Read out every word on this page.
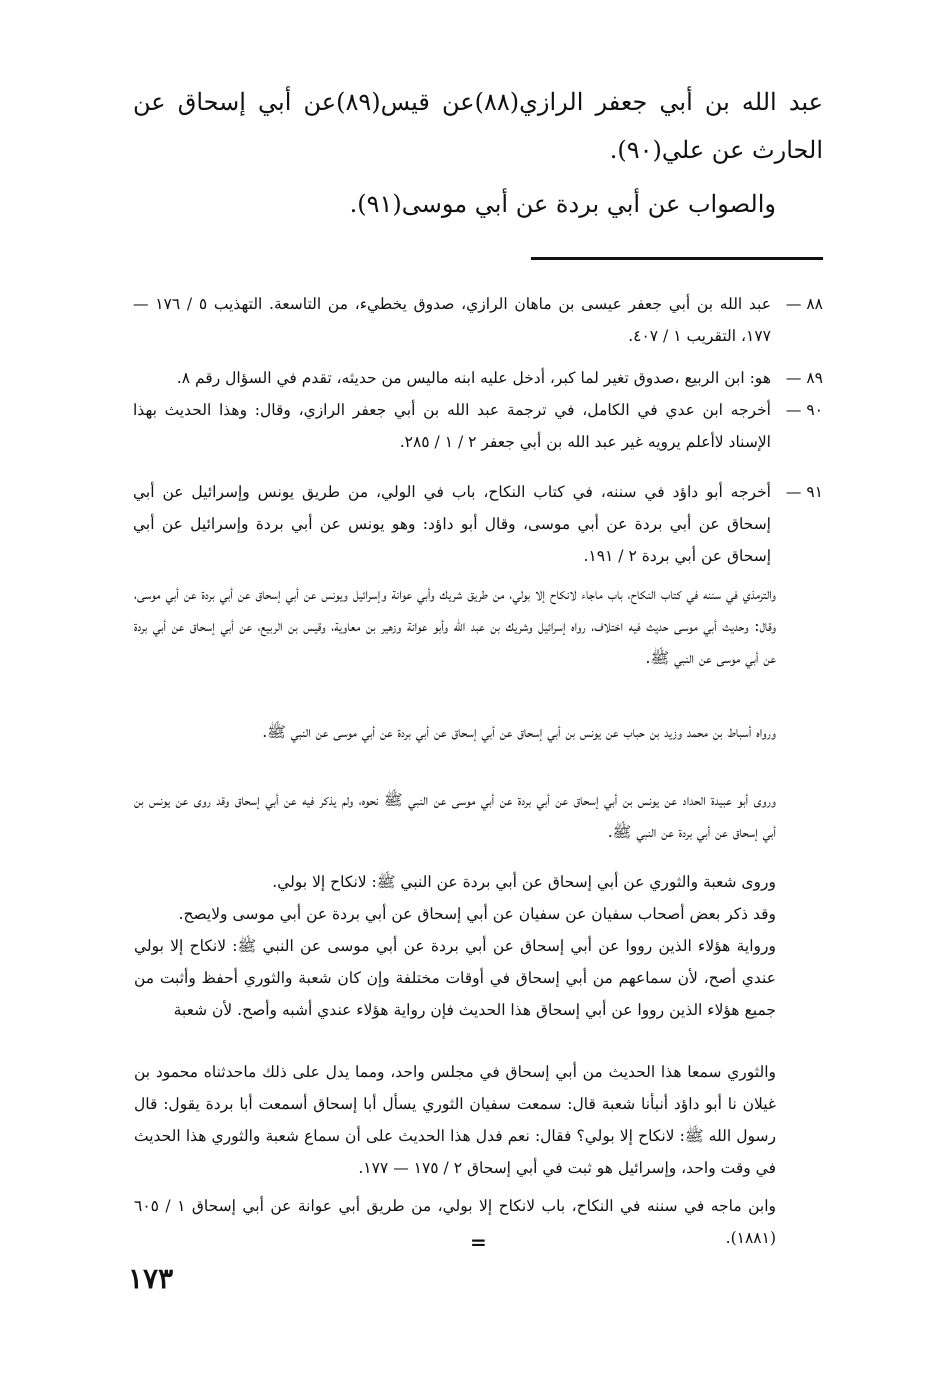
عبد الله بن أبي جعفر الرازي(٨٨)عن قيس(٨٩)عن أبي إسحاق عن الحارث عن علي(٩٠).

والصواب عن أبي بردة عن أبي موسى(٩١).

٨٨ —
عبد الله بن أبي جعفر عيسى بن ماهان الرازي، صدوق يخطيء، من التاسعة. التهذيب ٥ / ١٧٦ — ١٧٧، التقريب ١ / ٤٠٧.
٨٩ —
هو: ابن الربيع ،صدوق تغير لما كبر، أدخل عليه ابنه ماليس من حديثه، تقدم في السؤال رقم ٨.
٩٠ —
أخرجه ابن عدي في الكامل، في ترجمة عبد الله بن أبي جعفر الرازي، وقال: وهذا الحديث بهذا الإسناد لاأعلم يرويه غير عبد الله بن أبي جعفر ٢ / ١ / ٢٨٥.
٩١ —
أخرجه أبو داؤد في سننه، في كتاب النكاح، باب في الولي، من طريق يونس وإسرائيل عن أبي إسحاق عن أبي بردة عن أبي موسى، وقال أبو داؤد: وهو يونس عن أبي بردة وإسرائيل عن أبي إسحاق عن أبي بردة ٢ / ١٩١.

والترمذي في سننه في كتاب النكاح، باب ماجاء لانكاح إلا بولي، من طريق شريك وأبي عوانة وإسرائيل ويونس عن أبي إسحاق عن أبي بردة عن أبي موسى، وقال: وحديث أبي موسى حديث فيه اختلاف، رواه إسرائيل وشريك بن عبد الله وأبو عوانة وزهير بن معاوية، وقيس بن الربيع، عن أبي إسحاق عن أبي بردة عن أبي موسى عن النبي ﷺ.

ورواه أسباط بن محمد وزيد بن حباب عن يونس بن أبي إسحاق عن أبي إسحاق عن أبي بردة عن أبي موسى عن النبي ﷺ.

وروى أبو عبيدة الحداد عن يونس بن أبي إسحاق عن أبي بردة عن أبي موسى عن النبي ﷺ نحوه، ولم يذكر فيه عن أبي إسحاق وقد روى عن يونس بن أبي إسحاق عن أبي بردة عن النبي ﷺ.

وروى شعبة والثوري عن أبي إسحاق عن أبي بردة عن النبي ﷺ: لانكاح إلا بولي.

وقد ذكر بعض أصحاب سفيان عن سفيان عن أبي إسحاق عن أبي بردة عن أبي موسى ولايصح.

ورواية هؤلاء الذين رووا عن أبي إسحاق عن أبي بردة عن أبي موسى عن النبي ﷺ: لانكاح إلا بولي عندي أصح، لأن سماعهم من أبي إسحاق في أوقات مختلفة وإن كان شعبة والثوري أحفظ وأثبت من جميع هؤلاء الذين رووا عن أبي إسحاق هذا الحديث فإن رواية هؤلاء عندي أشبه وأصح. لأن شعبة

والثوري سمعا هذا الحديث من أبي إسحاق في مجلس واحد، ومما يدل على ذلك ماحدثناه محمود بن غيلان نا أبو داؤد أنبأنا شعبة قال: سمعت سفيان الثوري يسأل أبا إسحاق أسمعت أبا بردة يقول: قال رسول الله ﷺ: لانكاح إلا بولي؟ فقال: نعم فدل هذا الحديث على أن سماع شعبة والثوري هذا الحديث في وقت واحد، وإسرائيل هو ثبت في أبي إسحاق ٢ / ١٧٥ — ١٧٧.

وابن ماجه في سننه في النكاح، باب لانكاح إلا بولي، من طريق أبي عوانة عن أبي إسحاق ١ / ٦٠٥ (١٨٨١).

=
١٧٣
